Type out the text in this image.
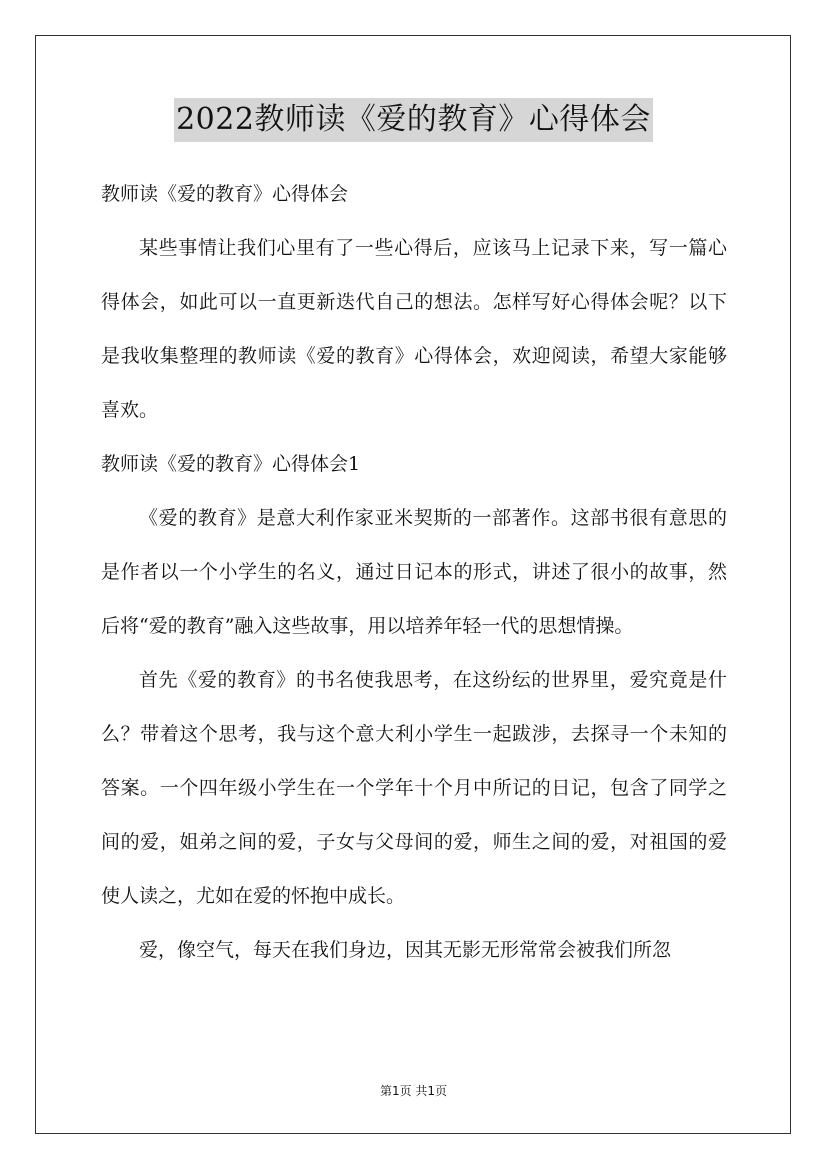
2022教师读《爱的教育》心得体会

教师读《爱的教育》心得体会

某些事情让我们心里有了一些心得后，应该马上记录下来，写一篇心得体会，如此可以一直更新迭代自己的想法。怎样写好心得体会呢？以下是我收集整理的教师读《爱的教育》心得体会，欢迎阅读，希望大家能够喜欢。

教师读《爱的教育》心得体会1

《爱的教育》是意大利作家亚米契斯的一部著作。这部书很有意思的是作者以一个小学生的名义，通过日记本的形式，讲述了很小的故事，然后将“爱的教育”融入这些故事，用以培养年轻一代的思想情操。

首先《爱的教育》的书名使我思考，在这纷纭的世界里，爱究竟是什么？带着这个思考，我与这个意大利小学生一起跋涉，去探寻一个未知的答案。一个四年级小学生在一个学年十个月中所记的日记，包含了同学之间的爱，姐弟之间的爱，子女与父母间的爱，师生之间的爱，对祖国的爱使人读之，尤如在爱的怀抱中成长。

爱，像空气，每天在我们身边，因其无影无形常常会被我们所忽

第1页 共1页
